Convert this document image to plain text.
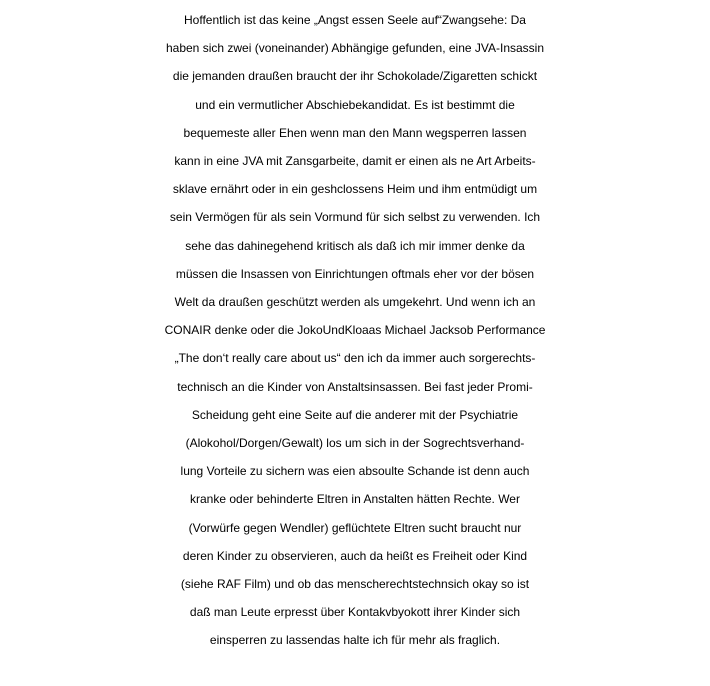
Hoffentlich ist das keine „Angst essen Seele auf“Zwangsehe: Da
haben sich zwei (voneinander) Abhängige gefunden, eine JVA-Insassin
die jemanden draußen braucht der ihr Schokolade/Zigaretten schickt
und ein vermutlicher Abschiebekandidat. Es ist bestimmt die
bequemeste aller Ehen wenn man den Mann wegsperren lassen
kann in eine JVA mit Zansgarbeite, damit er einen als ne Art Arbeits-
sklave ernährt oder in ein geshclossens Heim und ihm entmüdigt um
sein Vermögen für als sein Vormund für sich selbst zu verwenden. Ich
sehe das dahinegehend kritisch als daß ich mir immer denke da
müssen die Insassen von Einrichtungen oftmals eher vor der bösen
Welt da draußen geschützt werden als umgekehrt. Und wenn ich an
CONAIR denke oder die JokoUndKloaas Michael Jacksob Performance
„The don‘t really care about us“ den ich da immer auch sorgerechts-
technisch an die Kinder von Anstaltsinsassen. Bei fast jeder Promi-
Scheidung geht eine Seite auf die anderer mit der Psychiatrie
(Alokohol/Dorgen/Gewalt) los um sich in der Sogrechtsverhand-
lung Vorteile zu sichern was eien absoulte Schande ist denn auch
kranke oder behinderte Eltren in Anstalten hätten Rechte. Wer
(Vorwürfe gegen Wendler) geflüchtete Eltren sucht braucht nur
deren Kinder zu observieren, auch da heißt es Freiheit oder Kind
(siehe RAF Film) und ob das menscherechtstechnsich okay so ist
daß man Leute erpresst über Kontakvbyokott ihrer Kinder sich
einsperren zu lassendas halte ich für mehr als fraglich.
